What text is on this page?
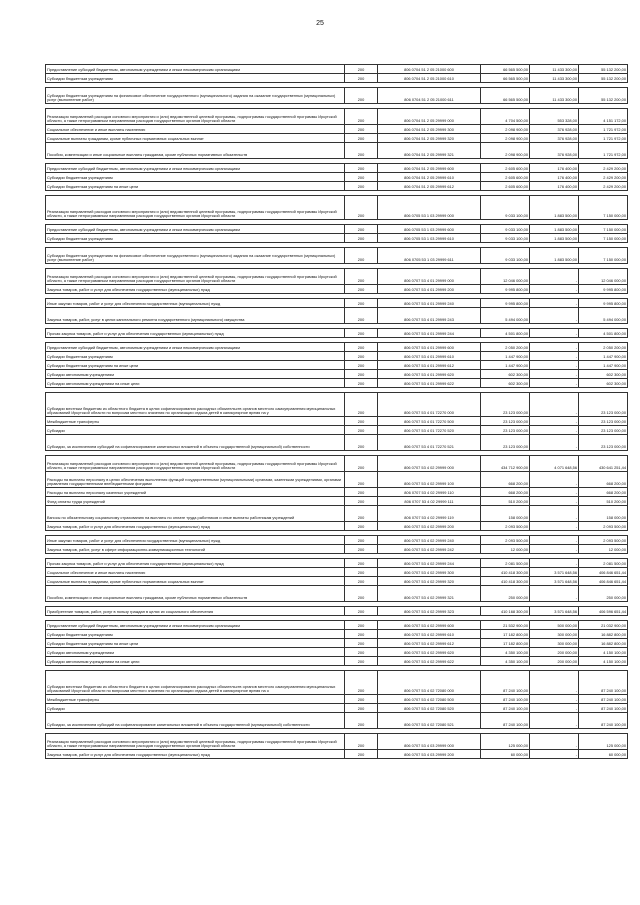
25
Предоставление субсидий бюджетным, автономным учреждениям и иным некоммерческим организациям	200	806 0704 51 2 05 21000 600	66 565 500,00	11 433 300,00	55 132 200,00
Субсидии бюджетным учреждениям	200	806 0704 51 2 05 21000 610	66 565 500,00	11 433 300,00	55 132 200,00

Субсидии бюджетным учреждениям на финансовое обеспечение государственного (муниципального) задания на оказание государственных (муниципальных) услуг (выполнение работ)	200	806 0704 51 2 05 21000 611	66 565 500,00	11 433 300,00	55 132 200,00

Реализация направлений расходов основного мероприятия и (или) ведомственной целевой программы, подпрограммы государственной программы Иркутской области, а также непрограммным направлениям расходов государственных органов Иркутской области	200	806 0704 51 2 05 29999 000	4 704 500,00	553 328,00	4 151 172,00
Социальное обеспечение и иные выплаты населению	200	806 0704 51 2 05 29999 300	2 098 900,00	376 928,00	1 721 972,00
Социальные выплаты гражданам, кроме публичных нормативных социальных выплат	200	806 0704 51 2 05 29999 320	2 098 900,00	376 928,00	1 721 972,00
Пособия, компенсации и иные социальные выплаты гражданам, кроме публичных нормативных обязательств	200	806 0704 51 2 05 29999 321	2 098 900,00	376 928,00	1 721 972,00

Предоставление субсидий бюджетным, автономным учреждениям и иным некоммерческим организациям	200	806 0704 51 2 05 29999 600	2 605 600,00	176 400,00	2 429 200,00
Субсидии бюджетным учреждениям	200	806 0704 51 2 05 29999 610	2 605 600,00	176 400,00	2 429 200,00
Субсидии бюджетным учреждениям на иные цели	200	806 0704 51 2 05 29999 612	2 605 600,00	176 400,00	2 429 200,00

Реализация направлений расходов основного мероприятия и (или) ведомственной целевой программы, подпрограммы государственной программы Иркутской области, а также непрограммным направлениям расходов государственных органов Иркутской области	200	806 0705 53 1 03 29999 000	9 033 100,00	1 883 500,00	7 150 000,00

Предоставление субсидий бюджетным, автономным учреждениям и иным некоммерческим организациям	200	806 0705 53 1 03 29999 600	9 033 100,00	1 883 500,00	7 150 000,00
Субсидии бюджетным учреждениям	200	806 0705 53 1 03 29999 610	9 033 100,00	1 883 500,00	7 150 000,00

Субсидии бюджетным учреждениям на финансовое обеспечение государственного (муниципального) задания на оказание государственных (муниципальных) услуг (выполнение работ)	200	806 0705 53 1 03 29999 611	9 033 100,00	1 883 500,00	7 150 000,00

Реализация направлений расходов основного мероприятия и (или) ведомственной целевой программы, подпрограммы государственной программы Иркутской области, а также непрограммным направлениям расходов государственных органов Иркутской области	200	806 0707 53 4 01 29999 000	12 046 000,00	-	12 046 000,00
Закупка товаров, работ и услуг для обеспечения государственных (муниципальных) нужд	200	806 0707 53 4 01 29999 200	9 995 800,00	-	9 995 800,00

Иные закупки товаров, работ и услуг для обеспечения государственных (муниципальных) нужд	200	806 0707 53 4 01 29999 240	9 995 800,00	-	9 995 800,00
Закупка товаров, работ, услуг в целях капитального ремонта государственного (муниципального) имущества	200	806 0707 53 4 01 29999 243	5 494 000,00	-	5 494 000,00

Прочая закупка товаров, работ и услуг для обеспечения государственных (муниципальных) нужд	200	806 0707 53 4 01 29999 244	4 501 800,00	-	4 501 800,00

Предоставление субсидий бюджетным, автономным учреждениям и иным некоммерческим организациям	200	806 0707 53 4 01 29999 600	2 050 200,00	-	2 050 200,00
Субсидии бюджетным учреждениям	200	806 0707 53 4 01 29999 610	1 447 900,00	-	1 447 900,00
Субсидии бюджетным учреждениям на иные цели	200	806 0707 53 4 01 29999 612	1 447 900,00	-	1 447 900,00
Субсидии автономным учреждениям	200	806 0707 53 4 01 29999 620	602 300,00	-	602 300,00
Субсидии автономным учреждениям на иные цели	200	806 0707 53 4 01 29999 622	602 300,00	-	602 300,00

Субсидии местным бюджетам из областного бюджета в целях софинансирования расходных обязательств органов местного самоуправления муниципальных образований Иркутской области по вопросам местного значения по организации отдыха детей в каникулярное время на у	200	806 0707 53 4 01 72270 000	23 123 000,00	-	23 123 000,00
Межбюджетные трансферты	200	806 0707 53 4 01 72270 500	23 123 000,00	-	23 123 000,00
Субсидии	200	806 0707 53 4 01 72270 520	23 123 000,00	-	23 123 000,00
Субсидии, за исключением субсидий на софинансирование капитальных вложений в объекты государственной (муниципальной) собственности	200	806 0707 53 4 01 72270 521	23 123 000,00	-	23 123 000,00

Реализация направлений расходов основного мероприятия и (или) ведомственной целевой программы, подпрограммы государственной программы Иркутской области, а также непрограммным направлениям расходов государственных органов Иркутской области	200	806 0707 53 4 02 29999 000	434 712 900,00	4 071 648,56	430 641 251,44
Расходы на выплаты персоналу в целях обеспечения выполнения функций государственными (муниципальными) органами, казенными учреждениями, органами управления государственными внебюджетными фондами	200	806 0707 53 4 02 29999 100	668 200,00	-	668 200,00
Расходы на выплаты персоналу казенных учреждений	200	806 0707 53 4 02 29999 110	668 200,00	-	668 200,00
Фонд оплаты труда учреждений	200	806 0707 53 4 02 29999 111	510 200,00	-	510 200,00
Взносы по обязательному социальному страхованию на выплаты по оплате труда работников и иные выплаты работникам учреждений	200	806 0707 53 4 02 29999 119	158 000,00	-	158 000,00
Закупка товаров, работ и услуг для обеспечения государственных (муниципальных) нужд	200	806 0707 53 4 02 29999 200	2 093 500,00	-	2 093 500,00

Иные закупки товаров, работ и услуг для обеспечения государственных (муниципальных) нужд	200	806 0707 53 4 02 29999 240	2 093 500,00	-	2 093 500,00
Закупка товаров, работ, услуг в сфере информационно-коммуникационных технологий	200	806 0707 53 4 02 29999 242	12 000,00	-	12 000,00

Прочая закупка товаров, работ и услуг для обеспечения государственных (муниципальных) нужд	200	806 0707 53 4 02 29999 244	2 081 500,00	-	2 081 500,00
Социальное обеспечение и иные выплаты населению	200	806 0707 53 4 02 29999 300	410 418 300,00	3 571 648,56	406 846 651,44
Социальные выплаты гражданам, кроме публичных нормативных социальных выплат	200	806 0707 53 4 02 29999 320	410 418 300,00	3 571 648,56	406 846 651,44
Пособия, компенсации и иные социальные выплаты гражданам, кроме публичных нормативных обязательств	200	806 0707 53 4 02 29999 321	250 000,00	-	250 000,00

Приобретение товаров, работ, услуг в пользу граждан в целях их социального обеспечения	200	806 0707 53 4 02 29999 323	410 168 300,00	3 571 648,56	406 596 651,44

Предоставление субсидий бюджетным, автономным учреждениям и иным некоммерческим организациям	200	806 0707 53 4 02 29999 600	21 532 900,00	500 000,00	21 032 900,00
Субсидии бюджетным учреждениям	200	806 0707 53 4 02 29999 610	17 182 800,00	300 000,00	16 882 800,00
Субсидии бюджетным учреждениям на иные цели	200	806 0707 53 4 02 29999 612	17 182 800,00	300 000,00	16 882 800,00
Субсидии автономным учреждениям	200	806 0707 53 4 02 29999 620	4 350 100,00	200 000,00	4 150 100,00
Субсидии автономным учреждениям на иные цели	200	806 0707 53 4 02 29999 622	4 350 100,00	200 000,00	4 150 100,00

Субсидии местным бюджетам из областного бюджета в целях софинансирования расходных обязательств органов местного самоуправления муниципальных образований Иркутской области по вопросам местного значения по организации отдыха детей в каникулярное время на о	200	806 0707 53 4 02 72080 000	87 240 100,00	-	87 240 100,00
Межбюджетные трансферты	200	806 0707 53 4 02 72080 500	87 240 100,00	-	87 240 100,00
Субсидии	200	806 0707 53 4 02 72080 520	87 240 100,00	-	87 240 100,00
Субсидии, за исключением субсидий на софинансирование капитальных вложений в объекты государственной (муниципальной) собственности	200	806 0707 53 4 02 72080 521	87 240 100,00	-	87 240 100,00

Реализация направлений расходов основного мероприятия и (или) ведомственной целевой программы, подпрограммы государственной программы Иркутской области, а также непрограммным направлениям расходов государственных органов Иркутской области	200	806 0707 53 4 03 29999 000	125 000,00	-	125 000,00
Закупка товаров, работ и услуг для обеспечения государственных (муниципальных) нужд	200	806 0707 53 4 03 29999 200	60 000,00	-	60 000,00
